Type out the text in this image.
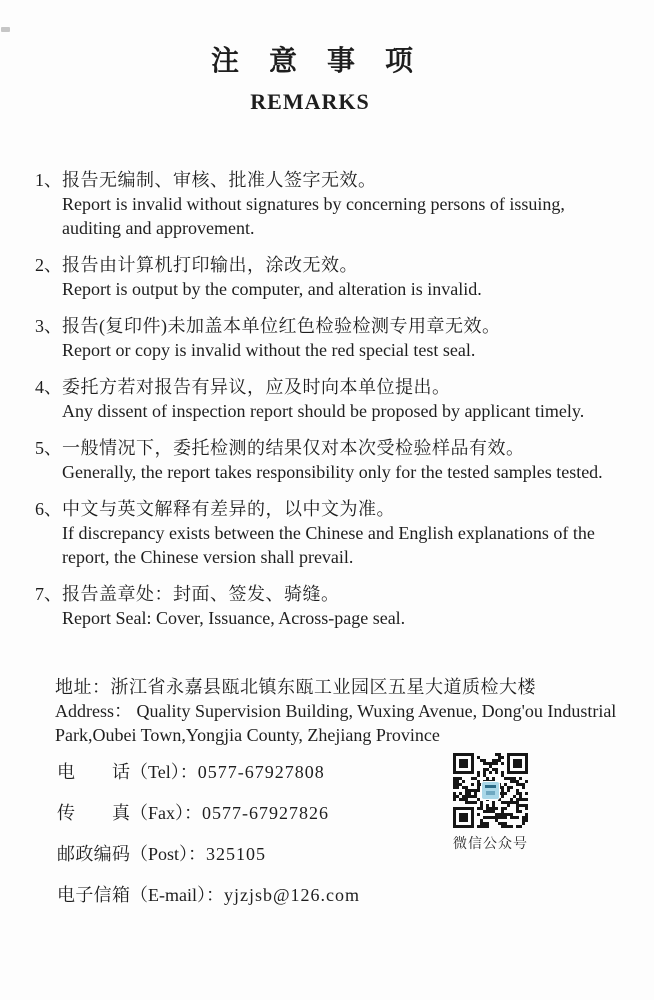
注意事项
REMARKS
1、 报告无编制、审核、批准人签字无效。
Report is invalid without signatures by concerning persons of issuing, auditing and approvement.
2、 报告由计算机打印输出，涂改无效。
Report is output by the computer, and alteration is invalid.
3、 报告(复印件)未加盖本单位红色检验检测专用章无效。
Report or copy is invalid without the red special test seal.
4、 委托方若对报告有异议，应及时向本单位提出。
Any dissent of inspection report should be proposed by applicant timely.
5、 一般情况下，委托检测的结果仅对本次受检验样品有效。
Generally, the report takes responsibility only for the tested samples tested.
6、 中文与英文解释有差异的，以中文为准。
If discrepancy exists between the Chinese and English explanations of the report, the Chinese version shall prevail.
7、 报告盖章处：封面、签发、骑缝。
Report Seal: Cover, Issuance, Across-page seal.
地址：浙江省永嘉县瓯北镇东瓯工业园区五星大道质检大楼
Address： Quality Supervision Building, Wuxing Avenue, Dong'ou Industrial Park,Oubei Town,Yongjia County, Zhejiang Province
电话（Tel）：0577-67927808
传真（Fax）：0577-67927826
邮政编码（Post）：325105
电子信箱（E-mail）：yjzjsb@126.com
微信公众号
